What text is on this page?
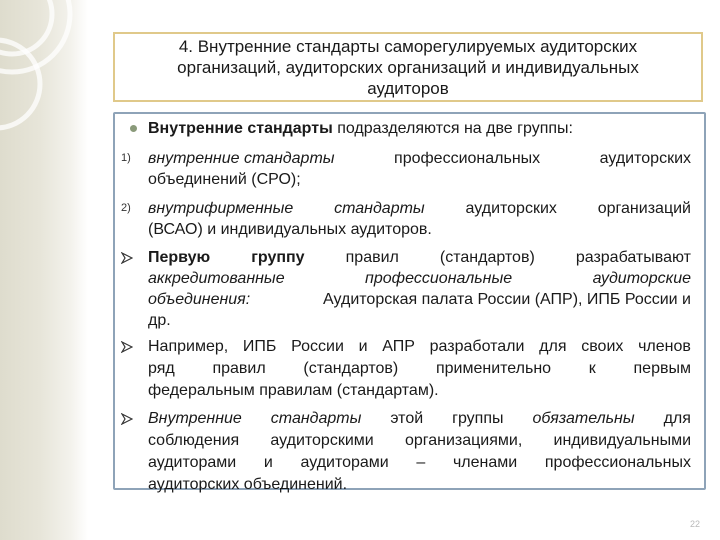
4. Внутренние стандарты саморегулируемых аудиторских
организаций, аудиторских организаций и индивидуальных
аудиторов
Внутренние стандарты подразделяются на две группы:
1) внутренние стандарты	профессиональных	аудиторских
объединений (СРО);
2) внутрифирменные	стандарты	аудиторских	организаций
(ВСАО) и индивидуальных аудиторов.
Первую	группу	правил	(стандартов)	разрабатывают
аккредитованные	профессиональные	аудиторские
объединения:	Аудиторская палата России (АПР), ИПБ России и
др.
Например, ИПБ России и АПР разработали для своих членов
ряд правил (стандартов) применительно к первым
федеральным правилам (стандартам).
Внутренние стандарты этой группы обязательны для
соблюдения аудиторскими организациями, индивидуальными
аудиторами и аудиторами – членами профессиональных
аудиторских объединений.
22
